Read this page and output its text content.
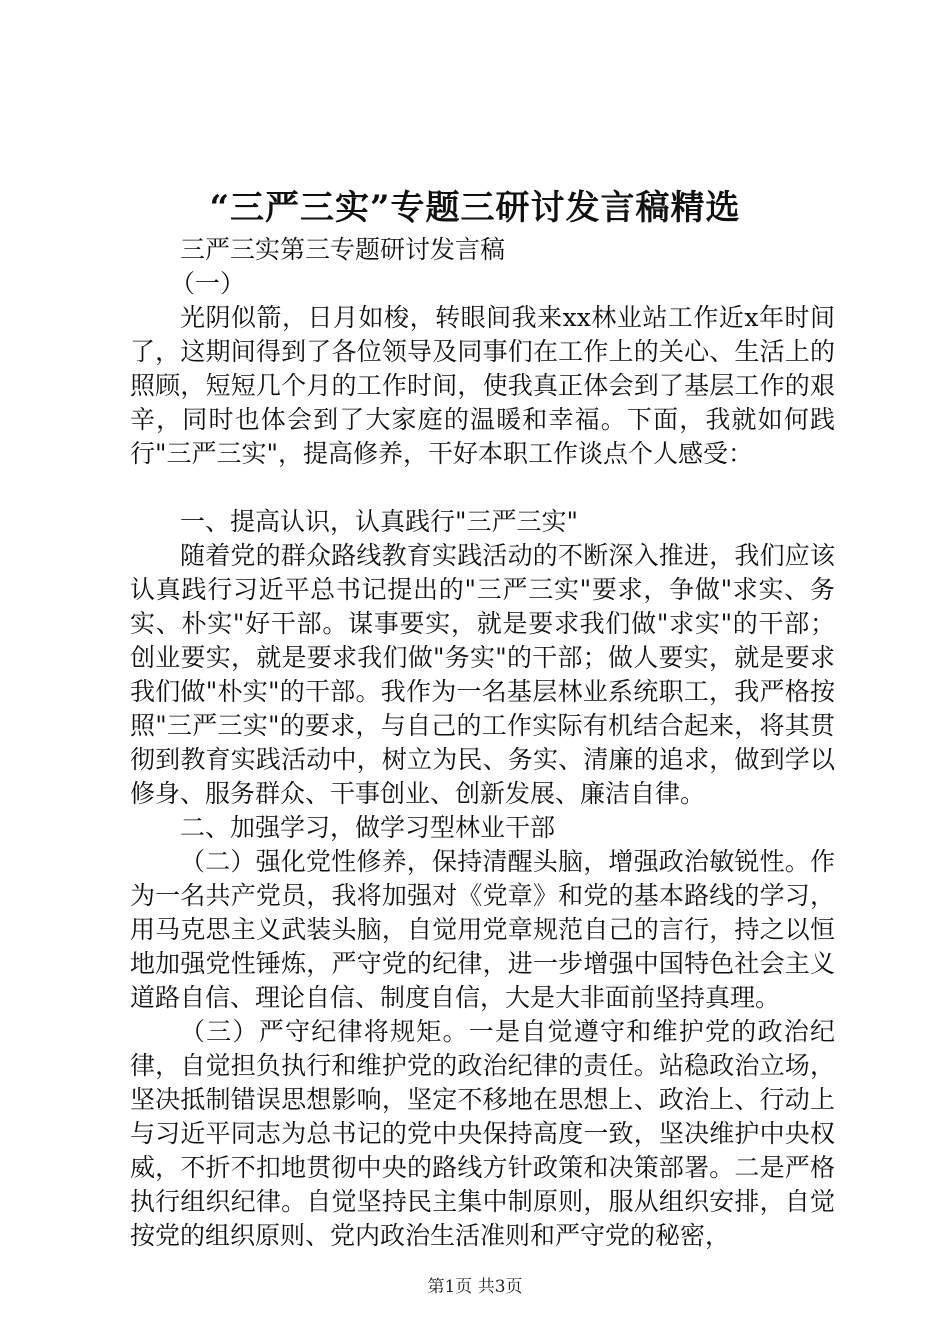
“三严三实”专题三研讨发言稿精选

三严三实第三专题研讨发言稿

（一）

光阴似箭，日月如梭，转眼间我来xx林业站工作近x年时间了，这期间得到了各位领导及同事们在工作上的关心、生活上的照顾，短短几个月的工作时间，使我真正体会到了基层工作的艰辛，同时也体会到了大家庭的温暖和幸福。下面，我就如何践行"三严三实"，提高修养，干好本职工作谈点个人感受：

一、提高认识，认真践行"三严三实"

随着党的群众路线教育实践活动的不断深入推进，我们应该认真践行习近平总书记提出的"三严三实"要求，争做"求实、务实、朴实"好干部。谋事要实，就是要求我们做"求实"的干部；创业要实，就是要求我们做"务实"的干部；做人要实，就是要求我们做"朴实"的干部。我作为一名基层林业系统职工，我严格按照"三严三实"的要求，与自己的工作实际有机结合起来，将其贯彻到教育实践活动中，树立为民、务实、清廉的追求，做到学以修身、服务群众、干事创业、创新发展、廉洁自律。

二、加强学习，做学习型林业干部

（二）强化党性修养，保持清醒头脑，增强政治敏锐性。作为一名共产党员，我将加强对《党章》和党的基本路线的学习，用马克思主义武装头脑，自觉用党章规范自己的言行，持之以恒地加强党性锤炼，严守党的纪律，进一步增强中国特色社会主义道路自信、理论自信、制度自信，大是大非面前坚持真理。

（三）严守纪律将规矩。一是自觉遵守和维护党的政治纪律，自觉担负执行和维护党的政治纪律的责任。站稳政治立场，坚决抵制错误思想影响，坚定不移地在思想上、政治上、行动上与习近平同志为总书记的党中央保持高度一致，坚决维护中央权威，不折不扣地贯彻中央的路线方针政策和决策部署。二是严格执行组织纪律。自觉坚持民主集中制原则，服从组织安排，自觉按党的组织原则、党内政治生活准则和严守党的秘密，

第1页 共3页
